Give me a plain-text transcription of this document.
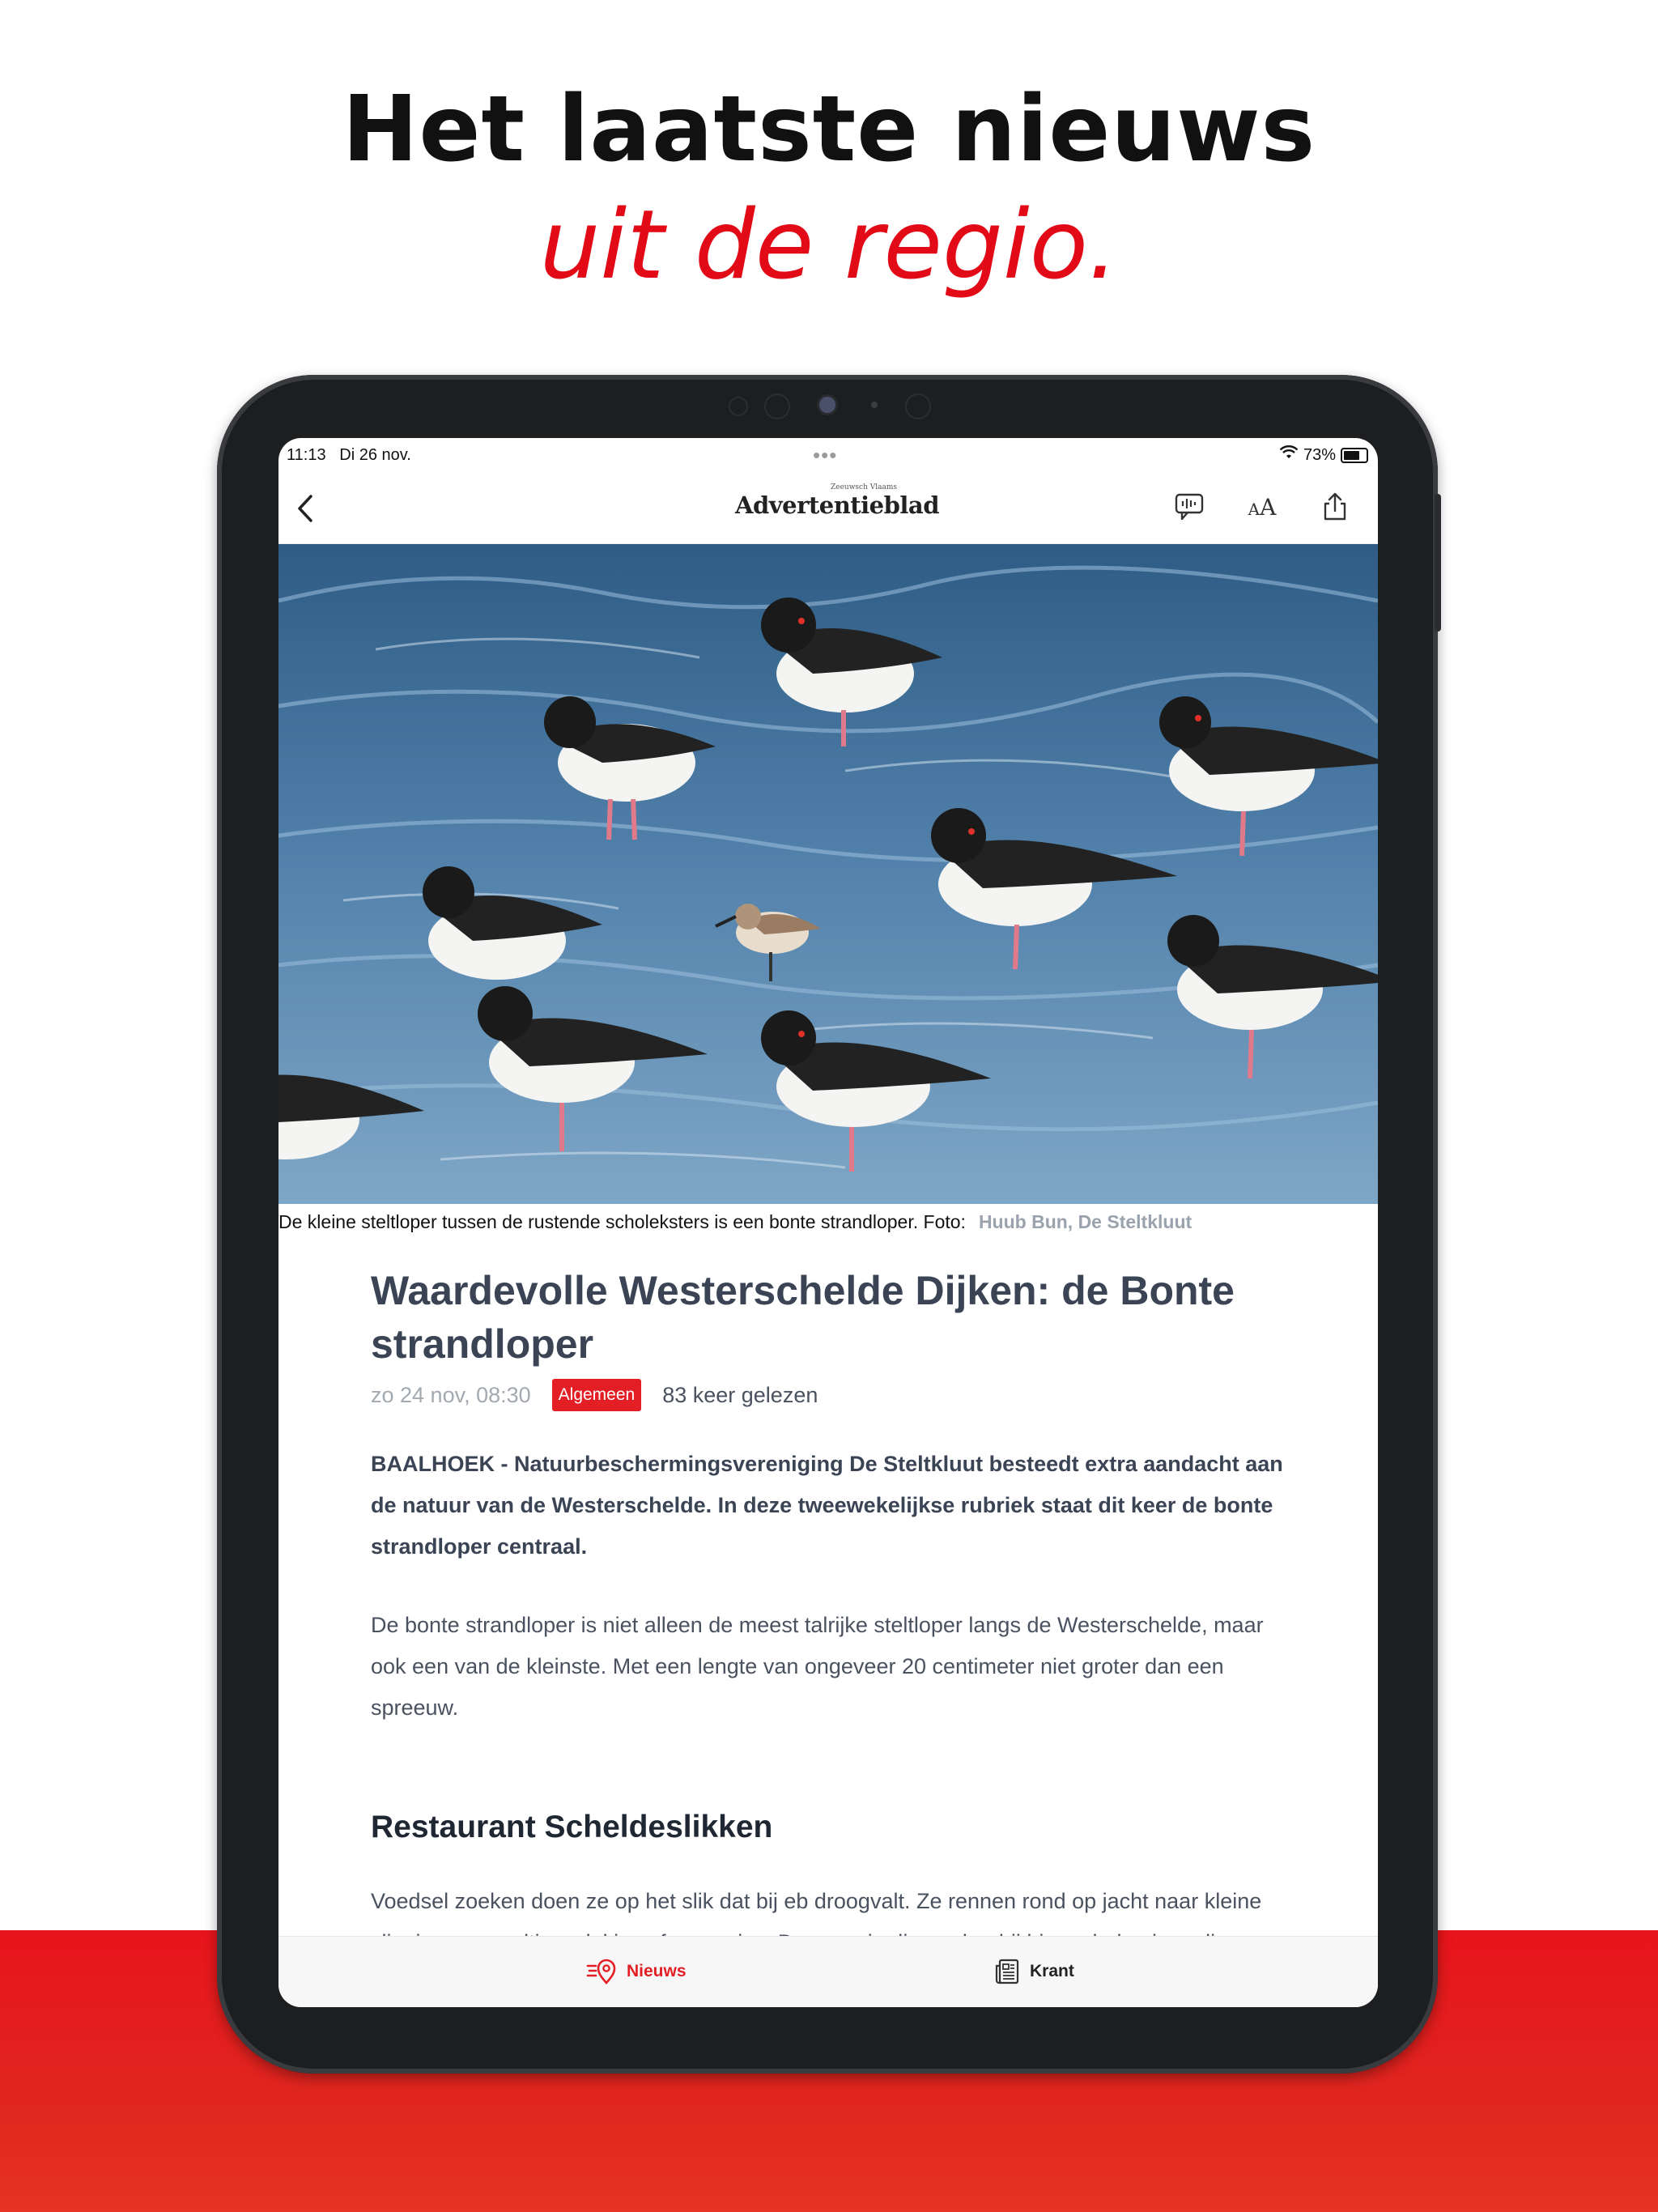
Het laatste nieuws
uit de regio.
11:13 Di 26 nov.	•••	73%
Zeeuwsch Vlaams
Advertentieblad	AA
De kleine steltloper tussen de rustende scholeksters is een bonte strandloper. Foto: Huub Bun, De Steltkluut
Waardevolle Westerschelde Dijken: de Bonte strandloper
zo 24 nov, 08:30	Algemeen 83 keer gelezen
BAALHOEK - Natuurbeschermingsvereniging De Steltkluut besteedt extra aandacht aan de natuur van de Westerschelde. In deze tweewekelijkse rubriek staat dit keer de bonte strandloper centraal.
De bonte strandloper is niet alleen de meest talrijke steltloper langs de Westerschelde, maar ook een van de kleinste. Met een lengte van ongeveer 20 centimeter niet groter dan een spreeuw.
Restaurant Scheldeslikken
Voedsel zoeken doen ze op het slik dat bij eb droogvalt. Ze rennen rond op jacht naar kleine
Nieuws	Krant
